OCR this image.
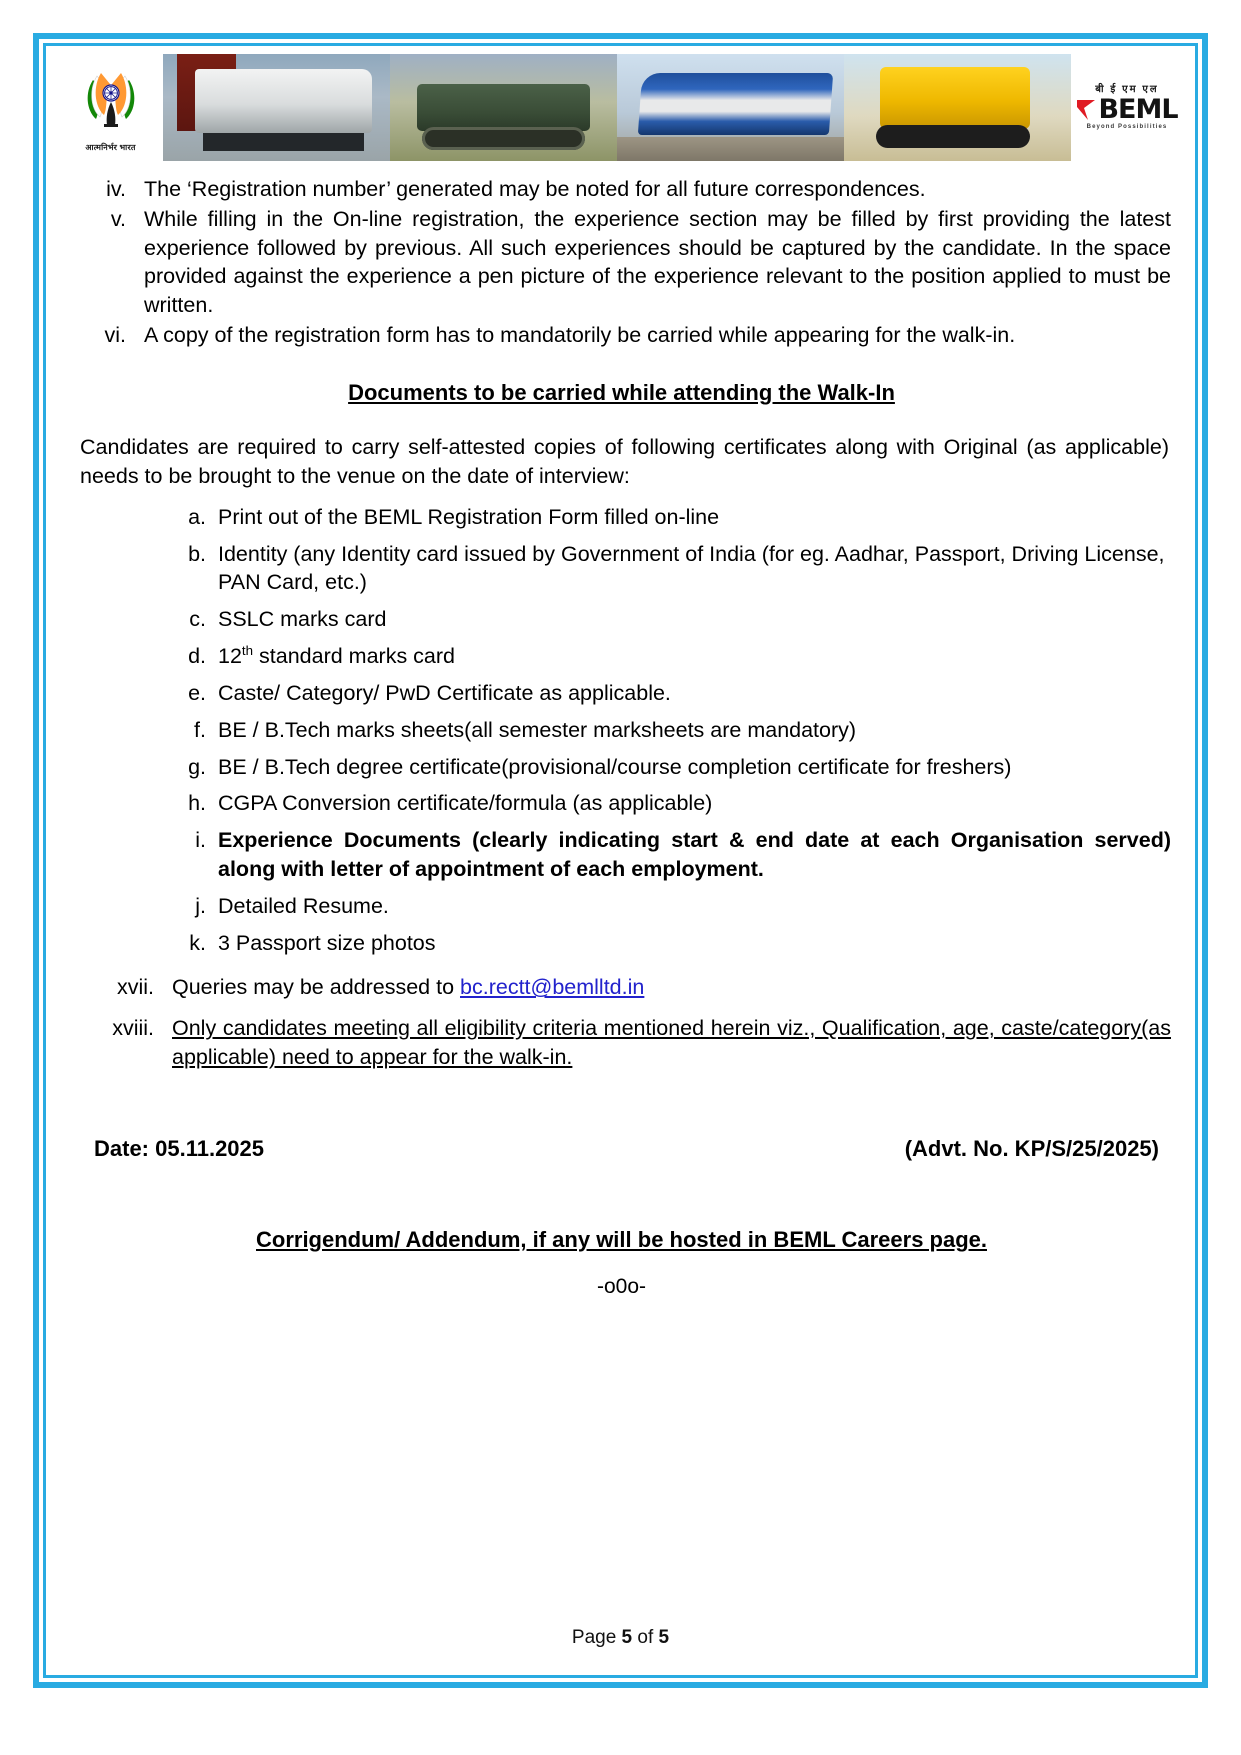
आत्मनिर्भर भारत
बी ई एम एल
BEML
Beyond Possibilities
iv. The ‘Registration number’ generated may be noted for all future correspondences.
v. While filling in the On-line registration, the experience section may be filled by first providing the latest experience followed by previous. All such experiences should be captured by the candidate. In the space provided against the experience a pen picture of the experience relevant to the position applied to must be written.
vi. A copy of the registration form has to mandatorily be carried while appearing for the walk-in.
Documents to be carried while attending the Walk-In
Candidates are required to carry self-attested copies of following certificates along with Original (as applicable) needs to be brought to the venue on the date of interview:
a. Print out of the BEML Registration Form filled on-line
b. Identity (any Identity card issued by Government of India (for eg. Aadhar, Passport, Driving License, PAN Card, etc.)
c. SSLC marks card
d. 12th standard marks card
e. Caste/ Category/ PwD Certificate as applicable.
f. BE / B.Tech marks sheets(all semester marksheets are mandatory)
g. BE / B.Tech degree certificate(provisional/course completion certificate for freshers)
h. CGPA Conversion certificate/formula (as applicable)
i. Experience Documents (clearly indicating start & end date at each Organisation served) along with letter of appointment of each employment.
j. Detailed Resume.
k. 3 Passport size photos
xvii. Queries may be addressed to bc.rectt@bemlltd.in
xviii. Only candidates meeting all eligibility criteria mentioned herein viz., Qualification, age, caste/category(as applicable) need to appear for the walk-in.
Date: 05.11.2025	(Advt. No. KP/S/25/2025)
Corrigendum/ Addendum, if any will be hosted in BEML Careers page.
-o0o-
Page 5 of 5
